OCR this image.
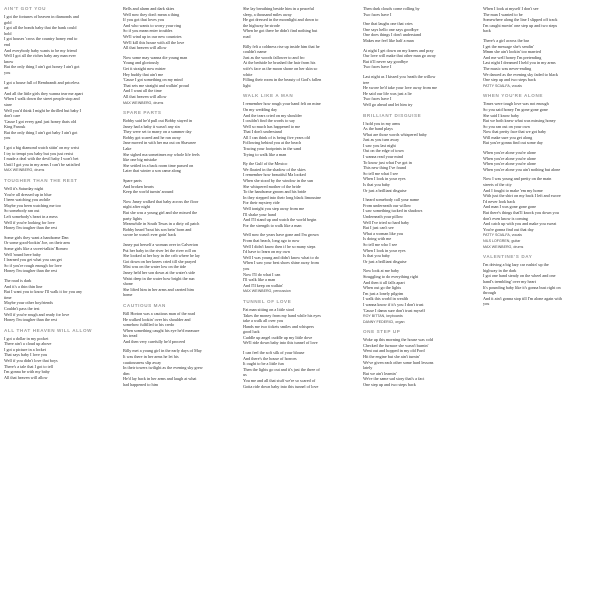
AIN'T GOT YOU

I got the fortunes of heaven in diamonds and

gold

I got all the bonds baby that the bank could

hold

I got houses 'cross the country honey end to

end

And everybody baby wants to be my friend

Well I got all the riches baby any man ever

know

But the only thing I ain't got honey I ain't got

you

I got a house full of Rembrandt and priceless

art

And all the little girls they wanna tear me apart

When I walk down the street people stop and

stare

Well you'd think I might be thrilled but baby I

don't care

'Cause I got every gaul just honey thats old

King Farouk

But the only thing I ain't got baby I ain't got

you

I got a big diamond watch sittin' on my wrist

I try to tempt you baby but you just resist

I made a deal with the devil baby I won't bet

Until I got you in my arms I can't be satisfied

MAX WEINBERG, drums

TOUGHER THAN THE REST

Well it's Saturday night

You're all dressed up in blue

I been watching you awhile

Maybe you been watching me too

So somebody ran out

Left somebody's heart in a mess

Well if you're looking for love

Honey I'm tougher than the rest

Some girls they want a handsome Dan

Or some good-lookin' Joe, on their arm

Some girls like a sweet-talkin' Romeo

Well 'round here baby

I learned you get what you can get

So if you're rough enough for love

Honey I'm tougher than the rest

The road is dark

And it's a thin thin line

But I want you to know I'll walk it for you any

time

Maybe your other boyfriends

Couldn't pass the test

Well if you're rough and ready for love

Honey I'm tougher than the rest

ALL THAT HEAVEN WILL ALLOW

I got a dollar in my pocket

There ain't a cloud up above

I got a picture in a locket

That says baby I love you

Well if you didn't love that boys

There's a tale that I got to tell

I'm gonna be with my baby

All that heaven will allow

Bells and alarm and dark skies

Well now they don't mean a thing

If you got that loves you

And who wants to worry your ring

So if you mean enter troubles

We'll wind up in our new countries

We'll kill this house with all the love

All that heaven will allow

Now some may wanna die young man

Young and gloriously

Get it straight now mister

Hey buddy that ain't me

'Cause I got something on my mind

That sets me straight and walkin' proud

And I want all the time

All that heaven will allow

MAX WEINBERG, drums

SPARE PARTS

Bobby said he'd pull out Bobby stayed in

Janey had a baby it wasn't any sin

They were set to marry on a summer day

Bobby got scared and he ran away

Jane moved in with her ma out on Shawnee

Lake

She sighed ma sometimes my whole life feels

like one big mistake

She settled in a back room time passed on

Later that winter a son came along

Spare parts

And broken hearts

Keep the world turnin' around

Now Janey walked that baby across the floor

night after night

But she was a young girl and she missed the

party lights

Meanwhile in South Texas in a dirty oil patch

Bobby heard 'bout his son bein' born and

swore he wasn't ever goin' back

Janey put herself a woman over in Calverton

Put her baby in the river let the river roll on

She looked at her boy in the crib where he lay

Got down on her knees cried till she prayed

Mist was on the water low on the tide

Janey held her son down at the water's side

Waist deep in the water how bright the sun

shone

She lifted him in her arms and carried him

home

CAUTIOUS MAN

Bill Horton was a cautious man of the road

He walked lookin' over his shoulder and

somehow fulfilled to his credo

When something caught his eye he'd measure

his tread

And then very carefully he'd proceed

Billy met a young girl in the early days of May

It was there in her arms he let his

cautiousness slip away

In their towers twilight as the evening sky grew

dim

He'd lay back in her arms and laugh at what

had happened to him

She lay breathing beside him in a peaceful

sleep, a thousand miles away

He got dressed in the moonlight and down to

the highway he strode

When he got there he didn't find nothing but

road

Billy felt a coldness rise up inside him that he

couldn't name

Just as the woods fallower to and fro

At the bedside he brushed the hair from his

wife's face as the moon shone on her skin so

white

Filling their room in the beauty of God's fallen

light

WALK LIKE A MAN

I remember how rough your hand felt on mine

On my wedding day

And the tears cried on my shoulder

I couldn't find the words to say

Well so much has happened to me

That I don't understand

All I can think of is being five years old

Following behind you at the beach

Tracing your footprints in the sand

Trying to walk like a man

By the Gulf of the Mexico

We floated in the shadow of the skies

I remember how beautiful Ma looked

When she stood by the window in the sun

She whispered mother of the bride

To the handsome groom and his bride

In they stepped into their long black limousine

For their mystery ride

Well tonight you step away from me

I'll shake your hand

And I'll stand up and watch the world begin

For the strength to walk like a man

Well now the years have gone and I'm grown

From that beach, long ago to now

Well I didn't know then if he so many steps

I'd have to learn on my own

Well I was young and didn't know what to do

When I saw your best shoes shine away from

you

Now I'll do what I can

I'll walk like a man

And I'll keep on walkin'

MAX WEINBERG, percussion

TUNNEL OF LOVE

Fat man sitting on a little stool

Takes the money from my hand while his eyes

take a walk all over you

Hands me two tickets smiles and whispers

good luck

Cuddle up angel cuddle up my little dove

We'll ride down baby into this tunnel of love

I can feel the soft silk of your blouse

And there's the house of horrors

It ought to be a little fun

Then the lights go out and it's just the three of

us

You me and all that stuff we're so scared of

Gotta ride down baby into this tunnel of love

Then dark clouds come rolling by

Two faces have I

One that laughs one that cries

One says hello one says goodbye

One does things I don't understand

Makes me feel like half a man

At night I get down on my knees and pray

Our love will make that other man go away

But it'll never say goodbye

Two faces have I

Last night as I kissed you 'neath the willow

tree

He swore he'd take your love away from me

He said our life was just a lie

Two faces have I

Well go ahead and let him try

BRILLIANT DISGUISE

I hold you in my arms

As the band plays

What are those words whispered baby

Just as you turn away

I saw you last night

Out on the edge of town

I wanna read your mind

To know just what I've got in

This new thing I've found

So tell me what I see

When I look in your eyes

Is that you baby

Or just a brilliant disguise

I heard somebody call your name

From underneath our willow

I saw something tucked in shadows

Underneath your pillow

Well I've tried so hard baby

But I just can't see

What a woman like you

Is doing with me

So tell me who I see

When I look in your eyes

Is that you baby

Or just a brilliant disguise

Now look at me baby

Struggling to do everything right

And then it all falls apart

When out go the lights

I'm just a lonely pilgrim

I walk this world in wealth

I wanna know if it's you I don't trust

'Cause I damn sure don't trust myself

ROY BITTAN, keyboards

DANNY FEDERICI, organ

ONE STEP UP

Woke up this morning the house was cold

Checked the furnace she wasn't burnin'

Went out and hopped in my old Ford

Hit the engine but she ain't turnin'

We've given each other some hard lessons

lately

But we ain't learnin'

We're the same sad story that's a fact

One step up and two steps back

When I look at myself I don't see

The man I wanted to be

Somewhere along the line I slipped off track

I'm caught movin' one step up and two steps

back

There's a girl across the bar

I get the message she's sendin'

Mmm she ain't lookin' too married

And me well honey I'm pretending

Last night I dreamed I held you in my arms

The music was never-ending

We danced as the evening sky faded to black

One step up and two steps back

PATTY SCIALFA, vocals

WHEN YOU'RE ALONE

Times were tough love was not enough

So you said honey I'm gone gone gone

She said I know baby

But we both knew what was missing honey

So you ran out on your own

Now that pretty face that we got baby

Will make sure you get along

But you're gonna find out some day

When you're alone you're alone

When you're alone you're alone

When you're alone you're alone

When you're alone you ain't nothing but alone

Now I was young and pretty on the main

streets of the city

And I fought to make 'em my home

With just the shirt on my back I left and swore

I'd never look back

And man I was gone gone gone

But there's things that'll knock you down you

don't even know is coming

And catch up with you and make you sweat

You're gonna find out that day

PATTY SCIALFA, vocals

NILS LOFGREN, guitar

MAX WEINBERG, drums

VALENTINE'S DAY

I'm driving a big lazy car rushin' up the

highway in the dark

I got one hand steady on the wheel and one

hand's trembling' over my heart

It's pounding baby like it's gonna bust right on

through

And it ain't gonna stop till I'm alone again with

you
